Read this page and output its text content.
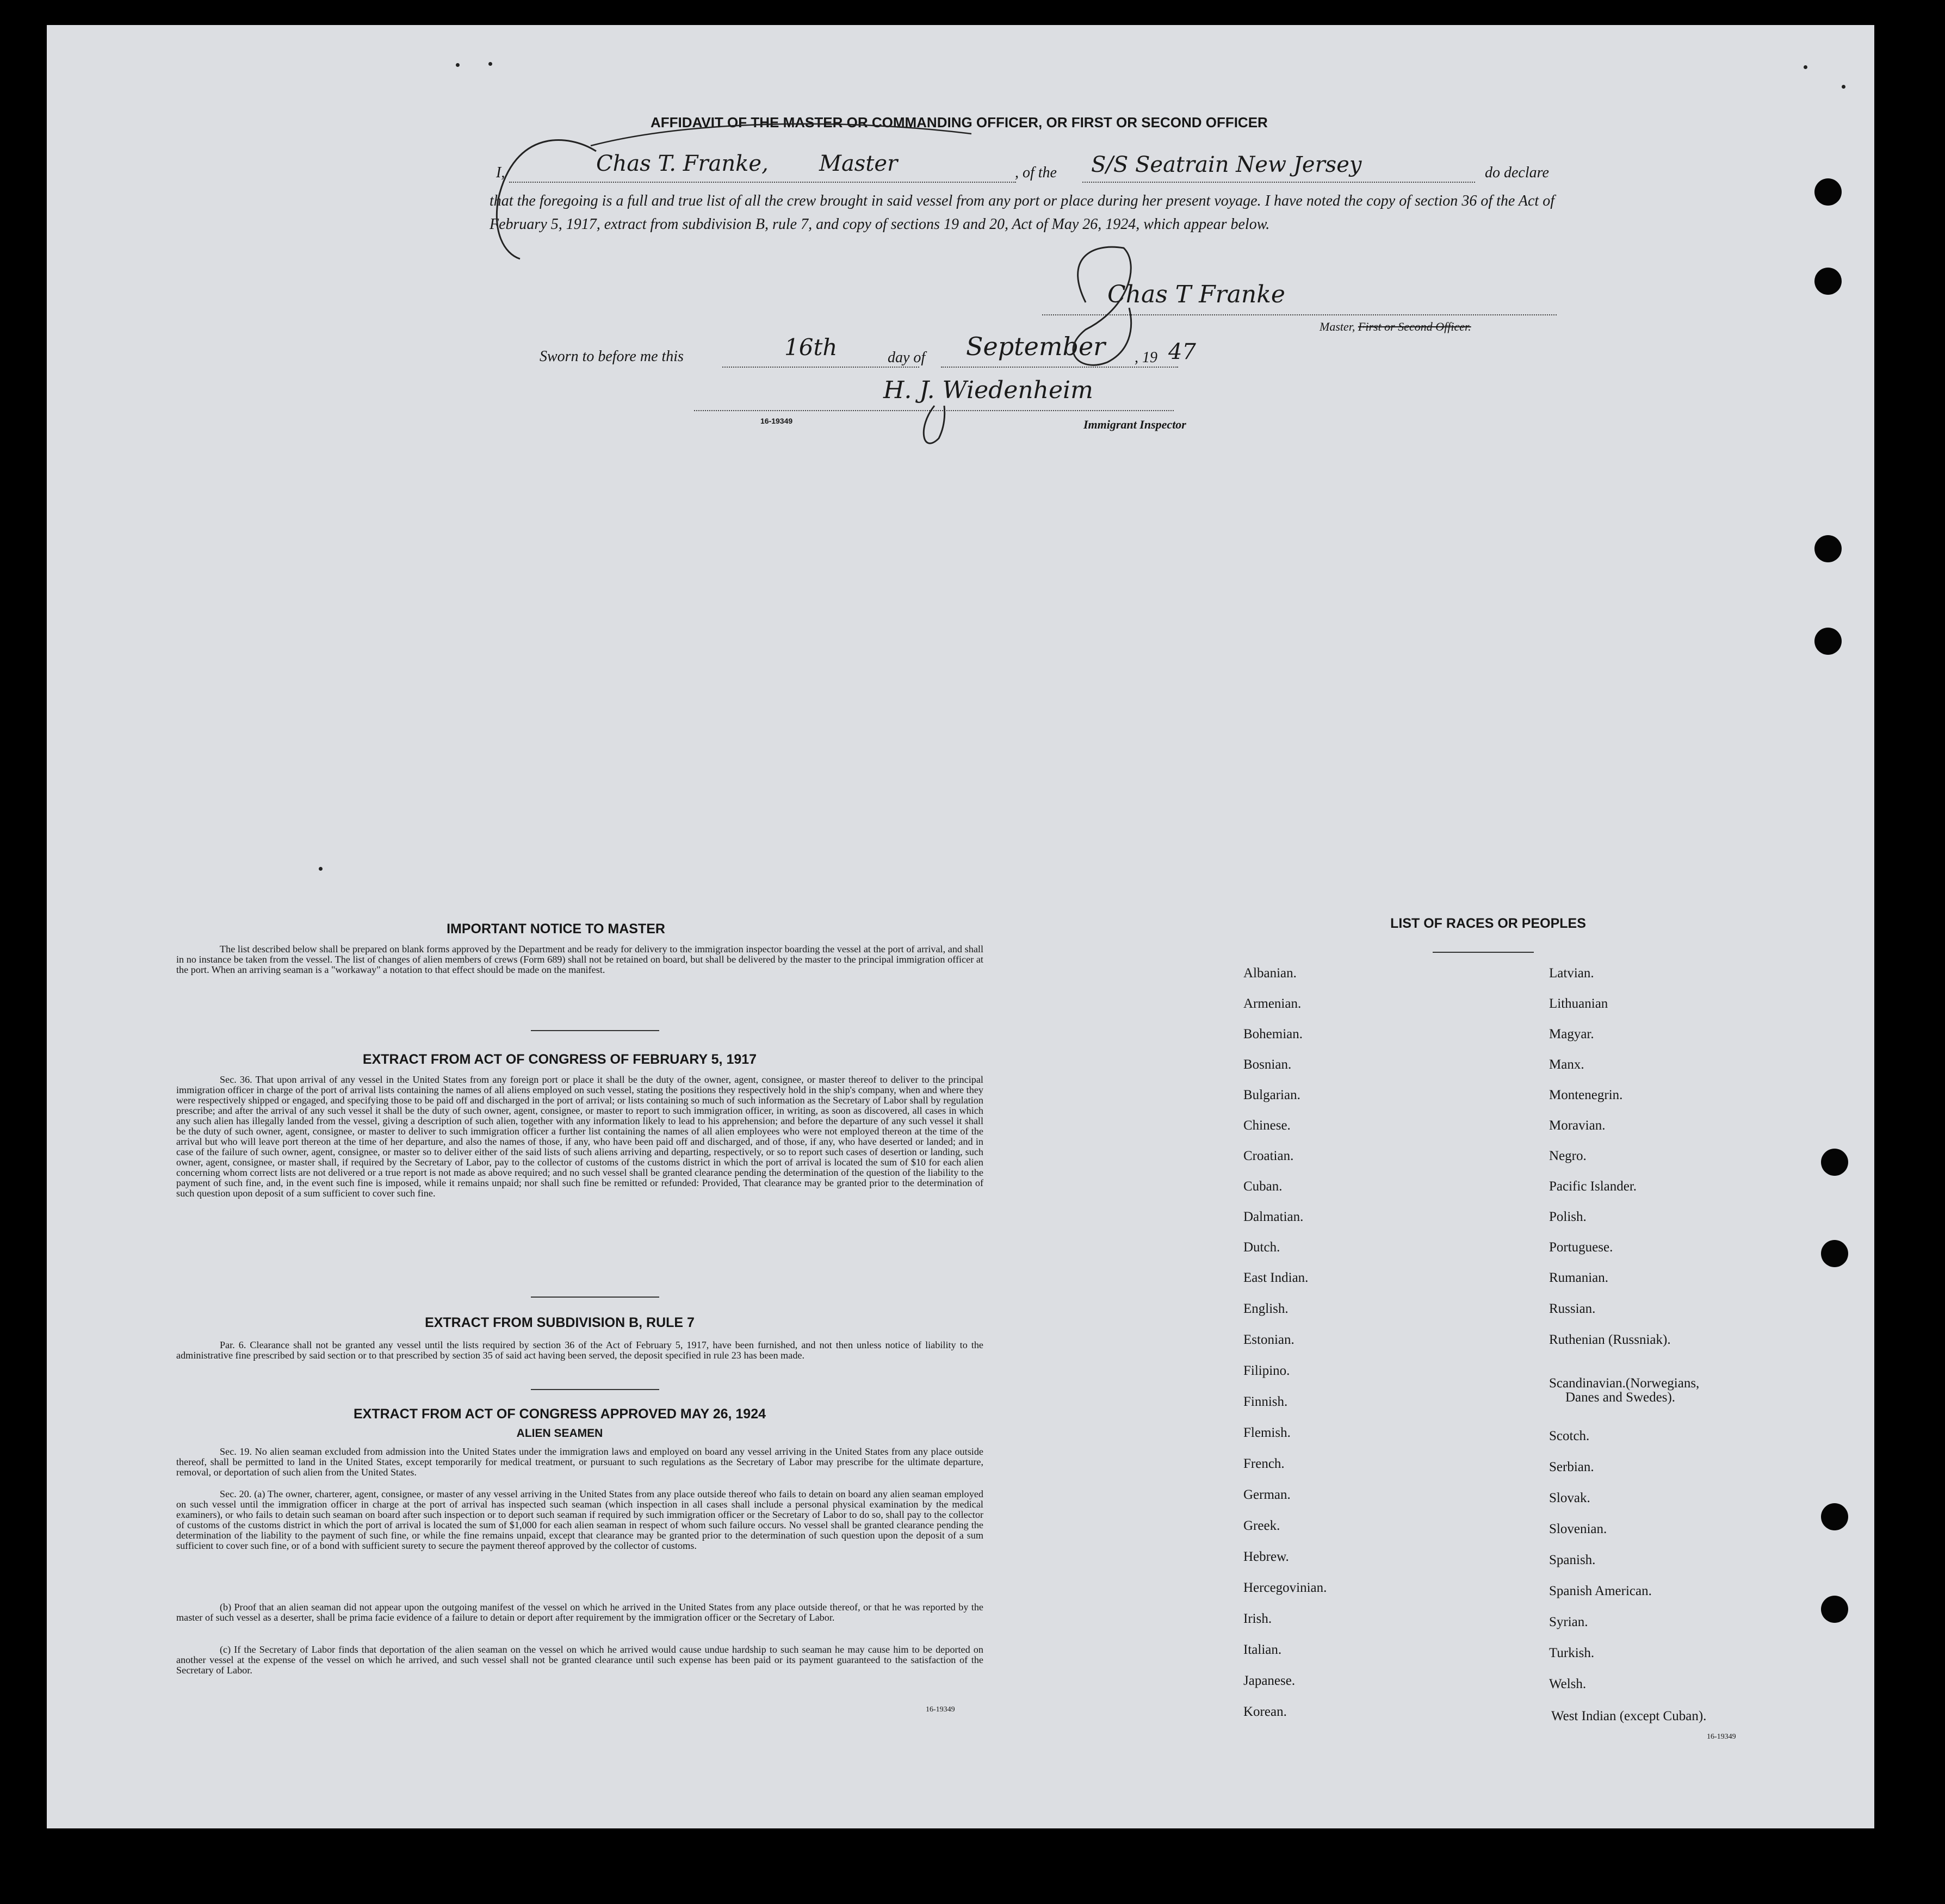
AFFIDAVIT OF THE MASTER OR COMMANDING OFFICER, OR FIRST OR SECOND OFFICER
I,	Chas T. Franke, Master	, of the S/S Seatrain New Jersey	do declare
that the foregoing is a full and true list of all the crew brought in said vessel from any port or place during her present voyage. I have noted the copy of section 36 of the Act of February 5, 1917, extract from subdivision B, rule 7, and copy of sections 19 and 20, Act of May 26, 1924, which appear below.
Chas T Franke
Master, First or Second Officer.
Sworn to before me this	16th	day of September , 19 47
H. J. Wiedenheim
16-19349	Immigrant Inspector
IMPORTANT NOTICE TO MASTER
The list described below shall be prepared on blank forms approved by the Department and be ready for delivery to the immigration inspector boarding the vessel at the port of arrival, and shall in no instance be taken from the vessel. The list of changes of alien members of crews (Form 689) shall not be retained on board, but shall be delivered by the master to the principal immigration officer at the port. When an arriving seaman is a "workaway" a notation to that effect should be made on the manifest.
EXTRACT FROM ACT OF CONGRESS OF FEBRUARY 5, 1917
Sec. 36. That upon arrival of any vessel in the United States from any foreign port or place it shall be the duty of the owner, agent, consignee, or master thereof to deliver to the principal immigration officer in charge of the port of arrival lists containing the names of all aliens employed on such vessel, stating the positions they respectively hold in the ship's company, when and where they were respectively shipped or engaged, and specifying those to be paid off and discharged in the port of arrival; or lists containing so much of such information as the Secretary of Labor shall by regulation prescribe; and after the arrival of any such vessel it shall be the duty of such owner, agent, consignee, or master to report to such immigration officer, in writing, as soon as discovered, all cases in which any such alien has illegally landed from the vessel, giving a description of such alien, together with any information likely to lead to his apprehension; and before the departure of any such vessel it shall be the duty of such owner, agent, consignee, or master to deliver to such immigration officer a further list containing the names of all alien employees who were not employed thereon at the time of the arrival but who will leave port thereon at the time of her departure, and also the names of those, if any, who have been paid off and discharged, and of those, if any, who have deserted or landed; and in case of the failure of such owner, agent, consignee, or master so to deliver either of the said lists of such aliens arriving and departing, respectively, or so to report such cases of desertion or landing, such owner, agent, consignee, or master shall, if required by the Secretary of Labor, pay to the collector of customs of the customs district in which the port of arrival is located the sum of $10 for each alien concerning whom correct lists are not delivered or a true report is not made as above required; and no such vessel shall be granted clearance pending the determination of the question of the liability to the payment of such fine, and, in the event such fine is imposed, while it remains unpaid; nor shall such fine be remitted or refunded: Provided, That clearance may be granted prior to the determination of such question upon deposit of a sum sufficient to cover such fine.
EXTRACT FROM SUBDIVISION B, RULE 7
Par. 6. Clearance shall not be granted any vessel until the lists required by section 36 of the Act of February 5, 1917, have been furnished, and not then unless notice of liability to the administrative fine prescribed by said section or to that prescribed by section 35 of said act having been served, the deposit specified in rule 23 has been made.
EXTRACT FROM ACT OF CONGRESS APPROVED MAY 26, 1924
ALIEN SEAMEN
Sec. 19. No alien seaman excluded from admission into the United States under the immigration laws and employed on board any vessel arriving in the United States from any place outside thereof, shall be permitted to land in the United States, except temporarily for medical treatment, or pursuant to such regulations as the Secretary of Labor may prescribe for the ultimate departure, removal, or deportation of such alien from the United States.
Sec. 20. (a) The owner, charterer, agent, consignee, or master of any vessel arriving in the United States from any place outside thereof who fails to detain on board any alien seaman employed on such vessel until the immigration officer in charge at the port of arrival has inspected such seaman (which inspection in all cases shall include a personal physical examination by the medical examiners), or who fails to detain such seaman on board after such inspection or to deport such seaman if required by such immigration officer or the Secretary of Labor to do so, shall pay to the collector of customs of the customs district in which the port of arrival is located the sum of $1,000 for each alien seaman in respect of whom such failure occurs. No vessel shall be granted clearance pending the determination of the liability to the payment of such fine, or while the fine remains unpaid, except that clearance may be granted prior to the determination of such question upon the deposit of a sum sufficient to cover such fine, or of a bond with sufficient surety to secure the payment thereof approved by the collector of customs.
(b) Proof that an alien seaman did not appear upon the outgoing manifest of the vessel on which he arrived in the United States from any place outside thereof, or that he was reported by the master of such vessel as a deserter, shall be prima facie evidence of a failure to detain or deport after requirement by the immigration officer or the Secretary of Labor.
(c) If the Secretary of Labor finds that deportation of the alien seaman on the vessel on which he arrived would cause undue hardship to such seaman he may cause him to be deported on another vessel at the expense of the vessel on which he arrived, and such vessel shall not be granted clearance until such expense has been paid or its payment guaranteed to the satisfaction of the Secretary of Labor.
16-19349
LIST OF RACES OR PEOPLES
Albanian.
Armenian.
Bohemian.
Bosnian.
Bulgarian.
Chinese.
Croatian.
Cuban.
Dalmatian.
Dutch.
East Indian.
English.
Estonian.
Filipino.
Finnish.
Flemish.
French.
German.
Greek.
Hebrew.
Hercegovinian.
Irish.
Italian.
Japanese.
Korean.
Latvian.
Lithuanian
Magyar.
Manx.
Montenegrin.
Moravian.
Negro.
Pacific Islander.
Polish.
Portuguese.
Rumanian.
Russian.
Ruthenian (Russniak).
Scandinavian.(Norwegians,
Danes and Swedes).
Scotch.
Serbian.
Slovak.
Slovenian.
Spanish.
Spanish American.
Syrian.
Turkish.
Welsh.
West Indian (except Cuban).
16-19349
